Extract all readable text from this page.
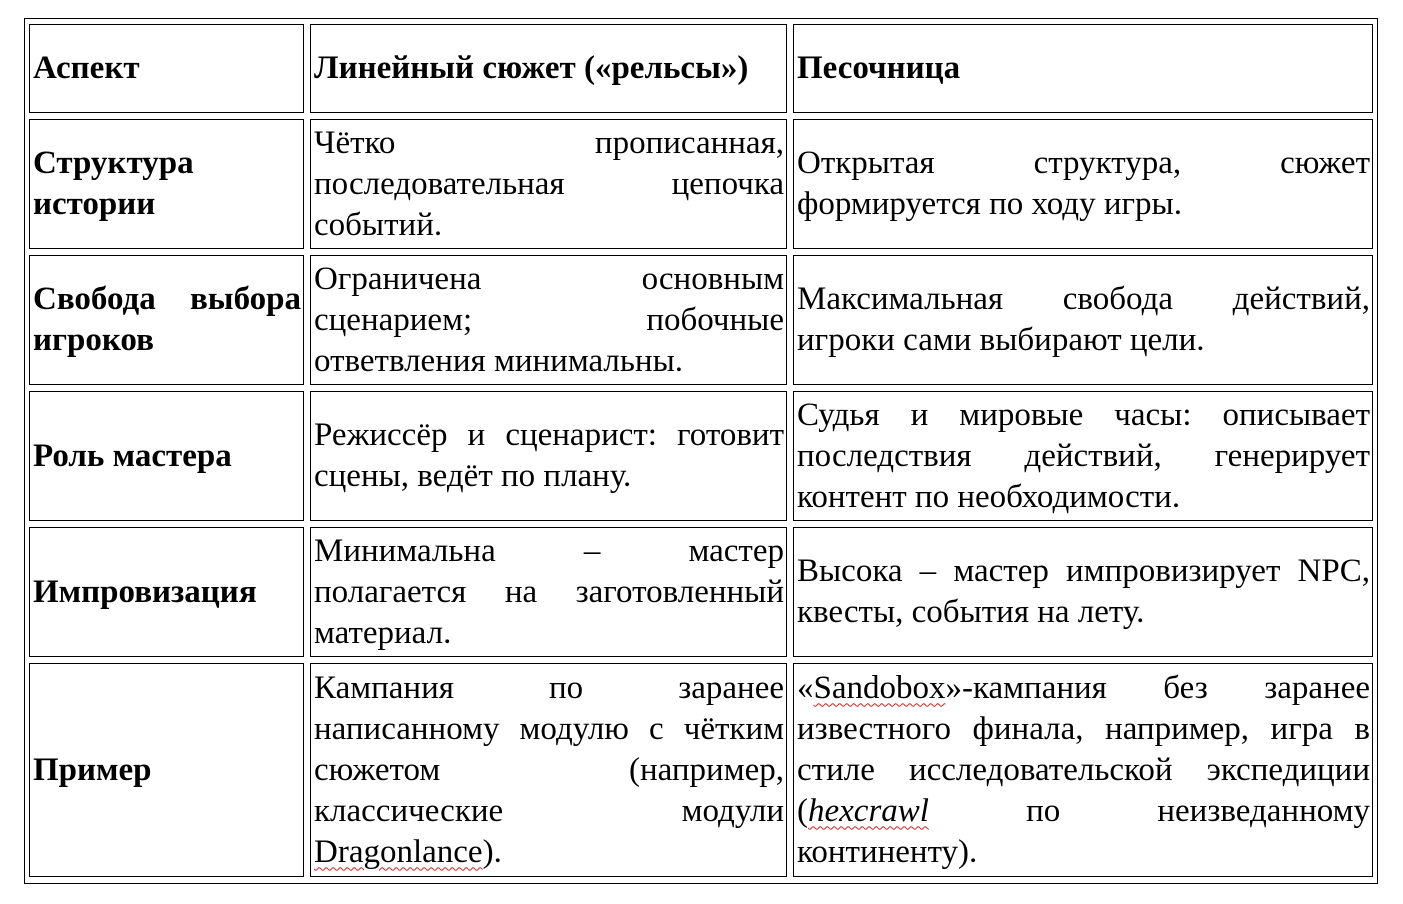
Аспект	Линейный сюжет («рельсы»)	Песочница
Структура истории	Чётко прописанная, последовательная цепочка событий.	Открытая структура, сюжет формируется по ходу игры.
Свобода выбора игроков	Ограничена основным сценарием; побочные ответвления минимальны.	Максимальная свобода действий, игроки сами выбирают цели.
Роль мастера	Режиссёр и сценарист: готовит сцены, ведёт по плану.	Судья и мировые часы: описывает последствия действий, генерирует контент по необходимости.
Импровизация	Минимальна – мастер полагается на заготовленный материал.	Высока – мастер импровизирует NPC, квесты, события на лету.
Пример	Кампания по заранее написанному модулю с чётким сюжетом (например, классические модули Dragonlance).	«Sandobox»-кампания без заранее известного финала, например, игра в стиле исследовательской экспедиции (hexcrawl по неизведанному континенту).
